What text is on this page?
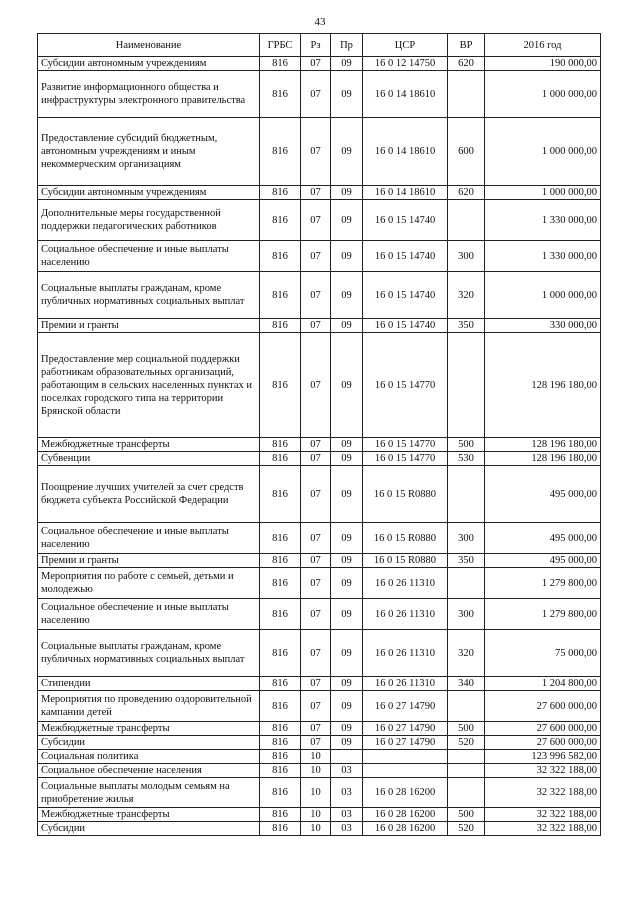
43
Наименование	ГРБС	Рз	Пр	ЦСР	ВР	2016 год
Субсидии автономным учреждениям	816	07	09	16 0 12 14750	620	190 000,00
Развитие информационного общества и инфраструктуры электронного правительства	816	07	09	16 0 14 18610		1 000 000,00
Предоставление субсидий бюджетным, автономным учреждениям и иным некоммерческим организациям	816	07	09	16 0 14 18610	600	1 000 000,00
Субсидии автономным учреждениям	816	07	09	16 0 14 18610	620	1 000 000,00
Дополнительные меры государственной поддержки педагогических работников	816	07	09	16 0 15 14740		1 330 000,00
Социальное обеспечение и иные выплаты населению	816	07	09	16 0 15 14740	300	1 330 000,00
Социальные выплаты гражданам, кроме публичных нормативных социальных выплат	816	07	09	16 0 15 14740	320	1 000 000,00
Премии и гранты	816	07	09	16 0 15 14740	350	330 000,00
Предоставление мер социальной поддержки работникам образовательных организаций, работающим в сельских населенных пунктах и поселках городского типа на территории Брянской области	816	07	09	16 0 15 14770		128 196 180,00
Межбюджетные трансферты	816	07	09	16 0 15 14770	500	128 196 180,00
Субвенции	816	07	09	16 0 15 14770	530	128 196 180,00
Поощрение лучших учителей за счет средств бюджета субъекта Российской Федерации	816	07	09	16 0 15 R0880		495 000,00
Социальное обеспечение и иные выплаты населению	816	07	09	16 0 15 R0880	300	495 000,00
Премии и гранты	816	07	09	16 0 15 R0880	350	495 000,00
Мероприятия по работе с семьей, детьми и молодежью	816	07	09	16 0 26 11310		1 279 800,00
Социальное обеспечение и иные выплаты населению	816	07	09	16 0 26 11310	300	1 279 800,00
Социальные выплаты гражданам, кроме публичных нормативных социальных выплат	816	07	09	16 0 26 11310	320	75 000,00
Стипендии	816	07	09	16 0 26 11310	340	1 204 800,00
Мероприятия по проведению оздоровительной кампании детей	816	07	09	16 0 27 14790		27 600 000,00
Межбюджетные трансферты	816	07	09	16 0 27 14790	500	27 600 000,00
Субсидии	816	07	09	16 0 27 14790	520	27 600 000,00
Социальная политика	816	10				123 996 582,00
Социальное обеспечение населения	816	10	03			32 322 188,00
Социальные выплаты молодым семьям на приобретение жилья	816	10	03	16 0 28 16200		32 322 188,00
Межбюджетные трансферты	816	10	03	16 0 28 16200	500	32 322 188,00
Субсидии	816	10	03	16 0 28 16200	520	32 322 188,00
